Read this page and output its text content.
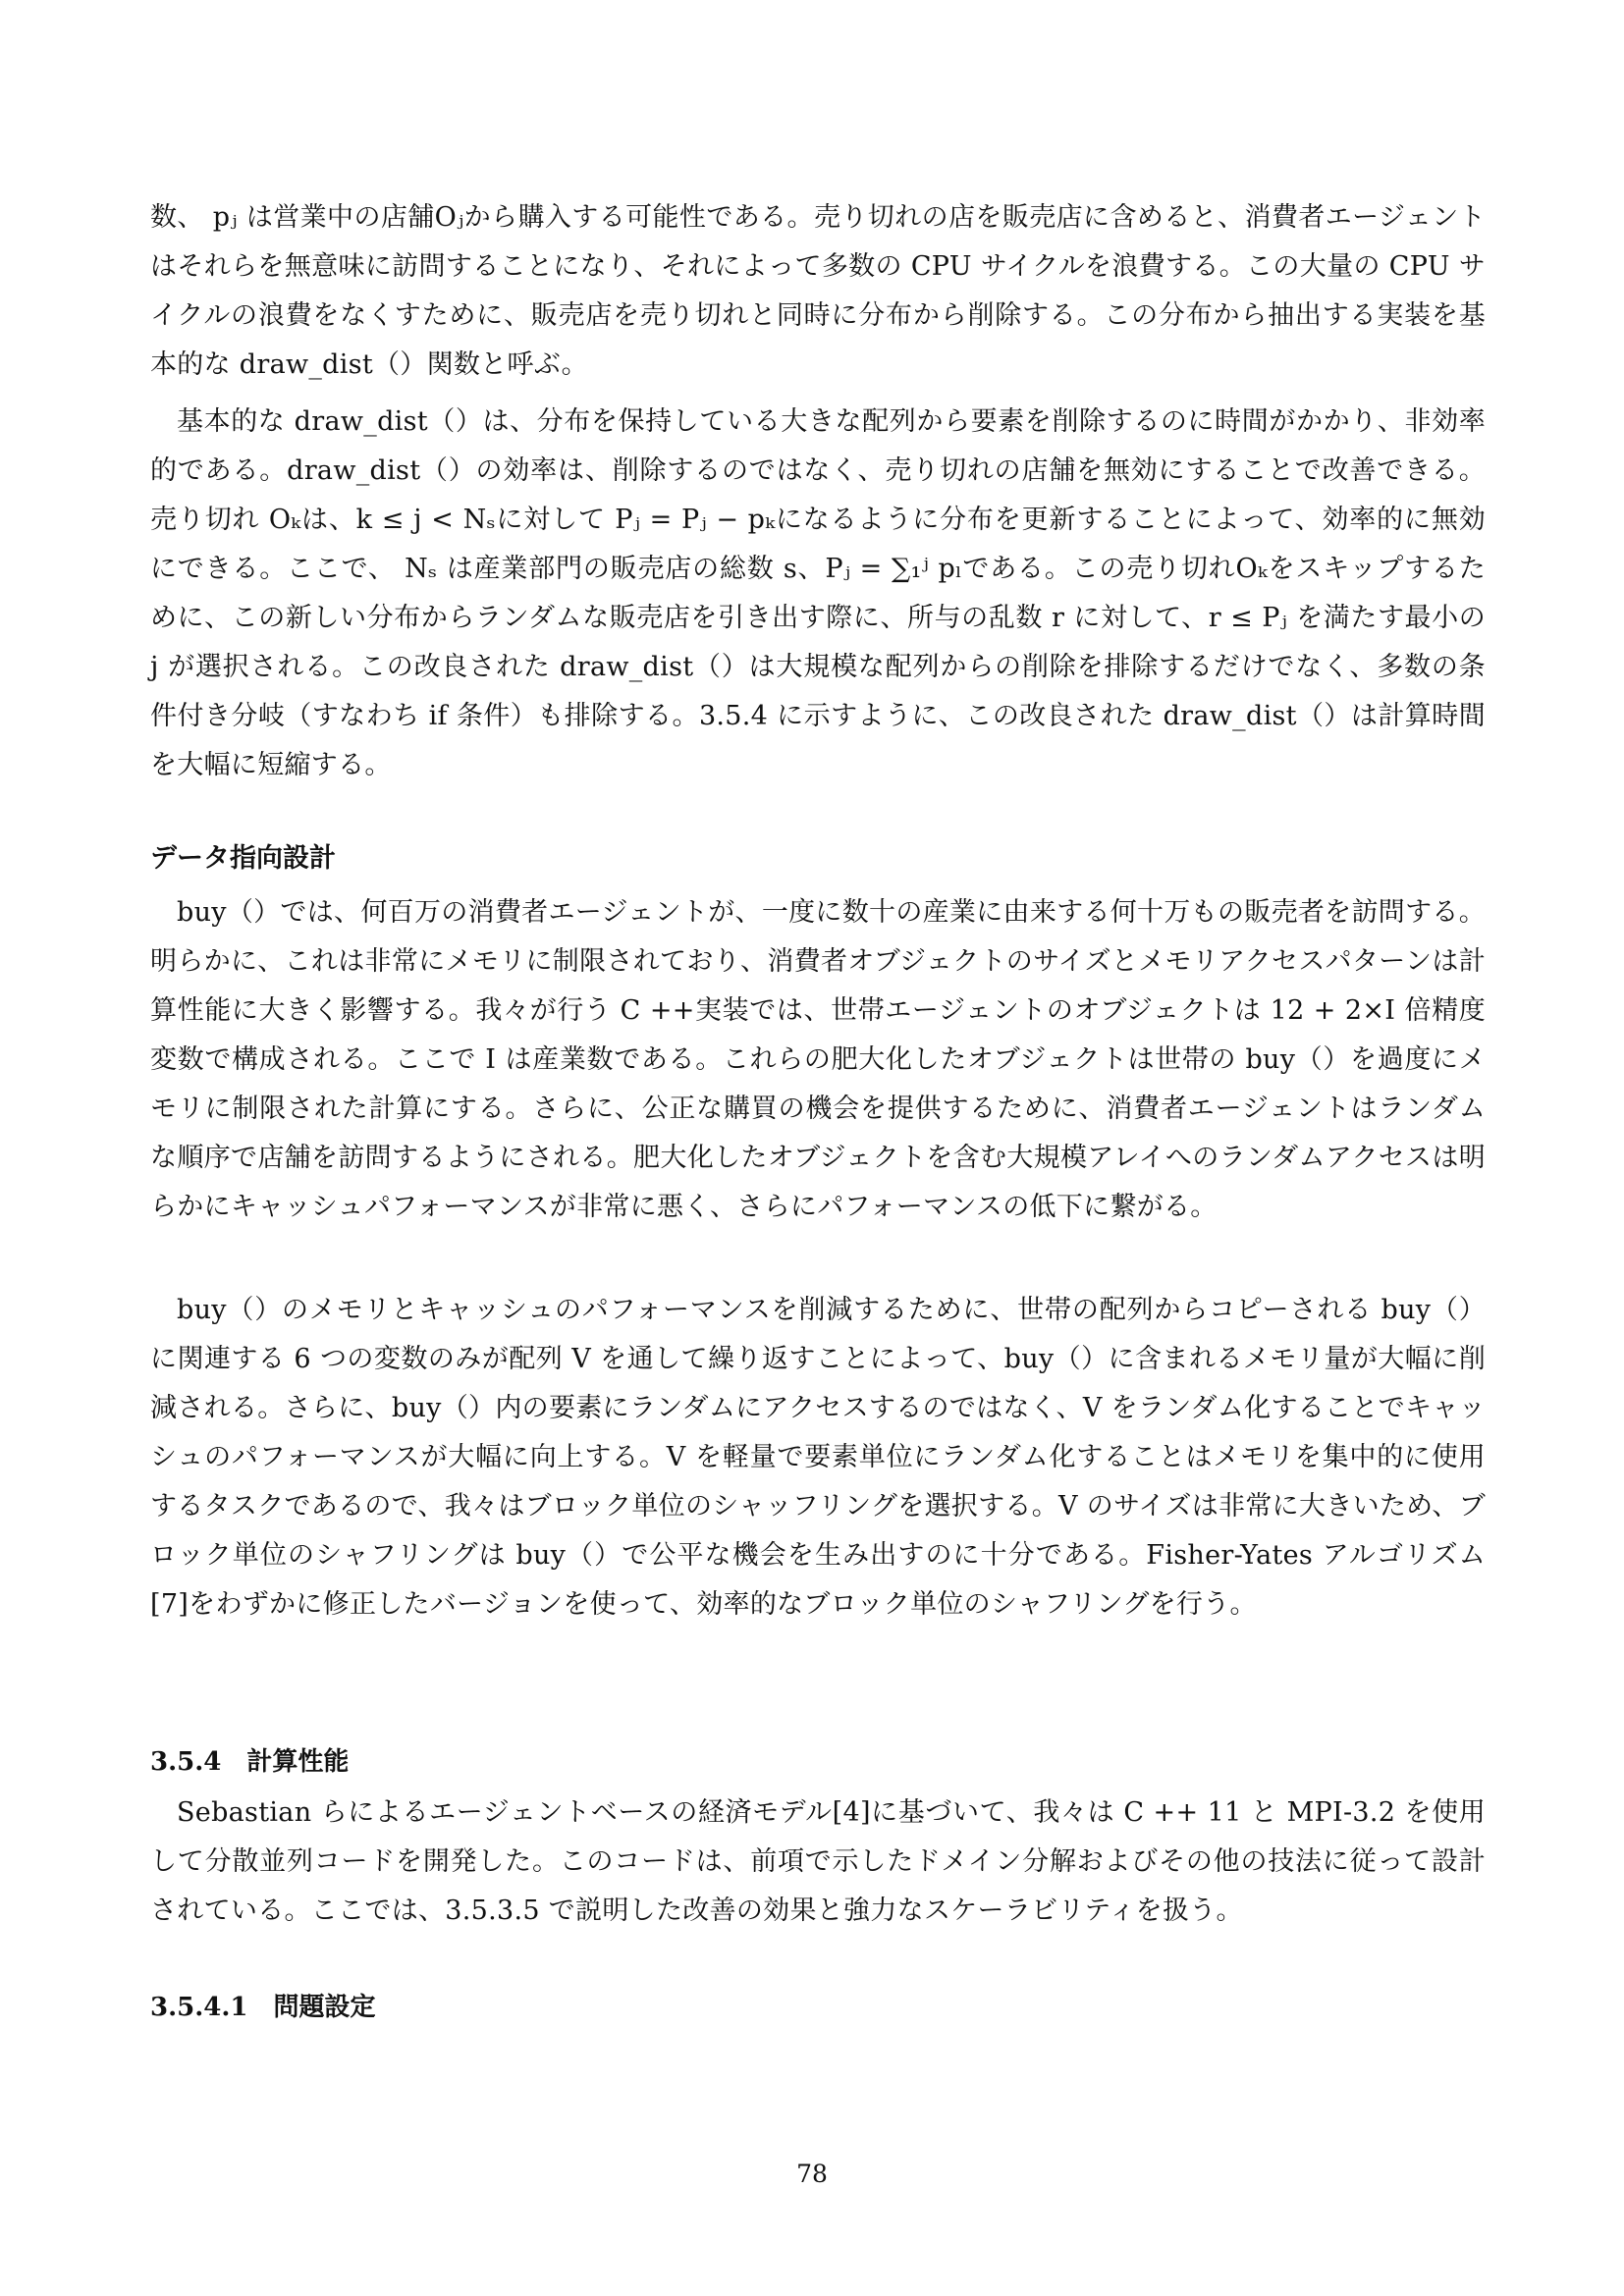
数、 pⱼ は営業中の店舗Oⱼから購入する可能性である。売り切れの店を販売店に含めると、消費者エージェントはそれらを無意味に訪問することになり、それによって多数の CPU サイクルを浪費する。この大量の CPU サイクルの浪費をなくすために、販売店を売り切れと同時に分布から削除する。この分布から抽出する実装を基本的な draw_dist（）関数と呼ぶ。

基本的な draw_dist（）は、分布を保持している大きな配列から要素を削除するのに時間がかかり、非効率的である。draw_dist（）の効率は、削除するのではなく、売り切れの店舗を無効にすることで改善できる。売り切れ Oₖは、k ≤ j < Nₛに対して Pⱼ = Pⱼ − pₖになるように分布を更新することによって、効率的に無効にできる。ここで、 Nₛ は産業部門の販売店の総数 s、Pⱼ = ∑₁ʲ pₗである。この売り切れOₖをスキップするために、この新しい分布からランダムな販売店を引き出す際に、所与の乱数 r に対して、r ≤ Pⱼ を満たす最小の j が選択される。この改良された draw_dist（）は大規模な配列からの削除を排除するだけでなく、多数の条件付き分岐（すなわち if 条件）も排除する。3.5.4 に示すように、この改良された draw_dist（）は計算時間を大幅に短縮する。

データ指向設計

buy（）では、何百万の消費者エージェントが、一度に数十の産業に由来する何十万もの販売者を訪問する。明らかに、これは非常にメモリに制限されており、消費者オブジェクトのサイズとメモリアクセスパターンは計算性能に大きく影響する。我々が行う C ++実装では、世帯エージェントのオブジェクトは 12 + 2×I 倍精度変数で構成される。ここで I は産業数である。これらの肥大化したオブジェクトは世帯の buy（）を過度にメモリに制限された計算にする。さらに、公正な購買の機会を提供するために、消費者エージェントはランダムな順序で店舗を訪問するようにされる。肥大化したオブジェクトを含む大規模アレイへのランダムアクセスは明らかにキャッシュパフォーマンスが非常に悪く、さらにパフォーマンスの低下に繋がる。

buy（）のメモリとキャッシュのパフォーマンスを削減するために、世帯の配列からコピーされる buy（）に関連する 6 つの変数のみが配列 V を通して繰り返すことによって、buy（）に含まれるメモリ量が大幅に削減される。さらに、buy（）内の要素にランダムにアクセスするのではなく、V をランダム化することでキャッシュのパフォーマンスが大幅に向上する。V を軽量で要素単位にランダム化することはメモリを集中的に使用するタスクであるので、我々はブロック単位のシャッフリングを選択する。V のサイズは非常に大きいため、ブロック単位のシャフリングは buy（）で公平な機会を生み出すのに十分である。Fisher-Yates アルゴリズム[7]をわずかに修正したバージョンを使って、効率的なブロック単位のシャフリングを行う。

3.5.4　計算性能

Sebastian らによるエージェントベースの経済モデル[4]に基づいて、我々は C ++ 11 と MPI-3.2 を使用して分散並列コードを開発した。このコードは、前項で示したドメイン分解およびその他の技法に従って設計されている。ここでは、3.5.3.5 で説明した改善の効果と強力なスケーラビリティを扱う。

3.5.4.1　問題設定
78
